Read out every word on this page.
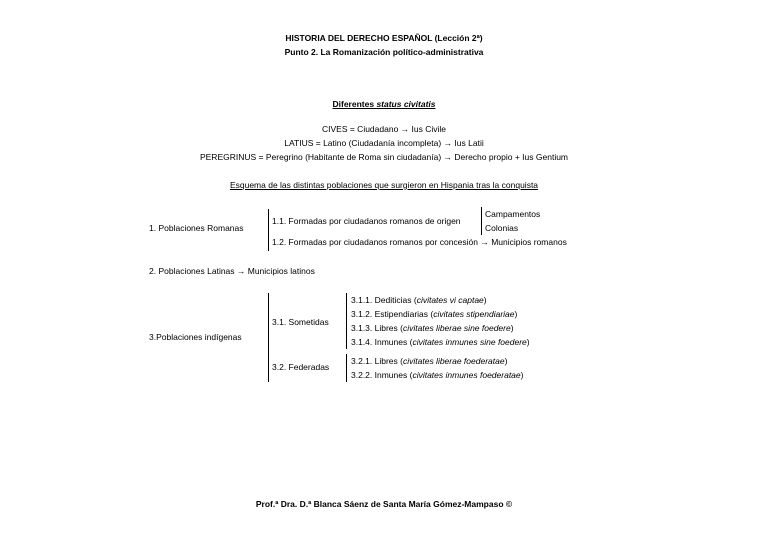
HISTORIA DEL DERECHO ESPAÑOL (Lección 2ª)
Punto 2. La Romanización político-administrativa
Diferentes status civitatis
CIVES = Ciudadano → Ius Civile
LATIUS = Latino (Ciudadanía incompleta) → Ius Latii
PEREGRINUS = Peregrino (Habitante de Roma sin ciudadanía) → Derecho propio + Ius Gentium
Esquema de las distintas poblaciones que surgieron en Hispania tras la conquista
1. Poblaciones Romanas
1.1. Formadas por ciudadanos romanos de origen
Campamentos
Colonias
1.2. Formadas por ciudadanos romanos por concesión → Municipios romanos
2. Poblaciones Latinas → Municipios latinos
3.Poblaciones indígenas
3.1. Sometidas
3.1.1. Dediticias (civitates vi captae)
3.1.2. Estipendiarias (civitates stipendiariae)
3.1.3. Libres (civitates liberae sine foedere)
3.1.4. Inmunes (civitates inmunes sine foedere)
3.2. Federadas
3.2.1. Libres (civitates liberae foederatae)
3.2.2. Inmunes (civitates inmunes foederatae)
Prof.ª Dra. D.ª Blanca Sáenz de Santa María Gómez-Mampaso ©
